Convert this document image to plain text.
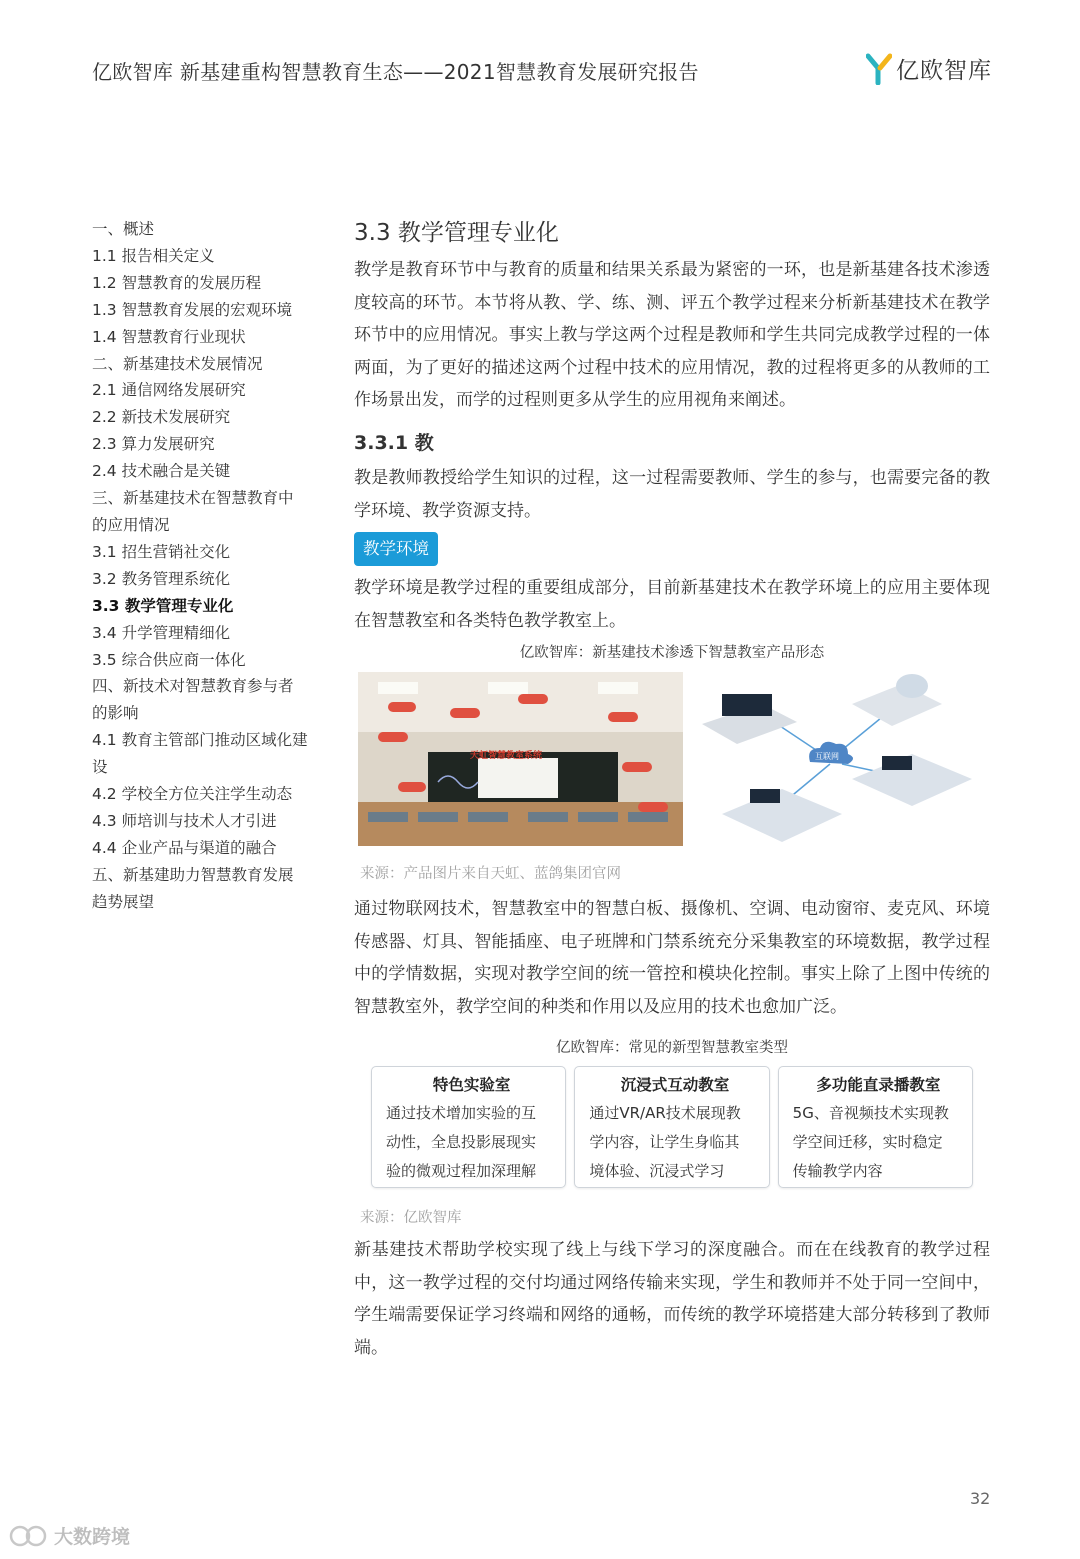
亿欧智库 新基建重构智慧教育生态——2021智慧教育发展研究报告	亿欧智库
一、概述
1.1 报告相关定义
1.2 智慧教育的发展历程
1.3 智慧教育发展的宏观环境
1.4 智慧教育行业现状
二、新基建技术发展情况
2.1 通信网络发展研究
2.2 新技术发展研究
2.3 算力发展研究
2.4 技术融合是关键
三、新基建技术在智慧教育中
的应用情况
3.1 招生营销社交化
3.2 教务管理系统化
3.3 教学管理专业化
3.4 升学管理精细化
3.5 综合供应商一体化
四、新技术对智慧教育参与者
的影响
4.1 教育主管部门推动区域化建
设
4.2 学校全方位关注学生动态
4.3 师培训与技术人才引进
4.4 企业产品与渠道的融合
五、新基建助力智慧教育发展
趋势展望
3.3 教学管理专业化

教学是教育环节中与教育的质量和结果关系最为紧密的一环，也是新基建各技术渗透度较高的环节。本节将从教、学、练、测、评五个教学过程来分析新基建技术在教学环节中的应用情况。事实上教与学这两个过程是教师和学生共同完成教学过程的一体两面，为了更好的描述这两个过程中技术的应用情况，教的过程将更多的从教师的工作场景出发，而学的过程则更多从学生的应用视角来阐述。

3.3.1 教

教是教师教授给学生知识的过程，这一过程需要教师、学生的参与，也需要完备的教学环境、教学资源支持。

教学环境

教学环境是教学过程的重要组成部分，目前新基建技术在教学环境上的应用主要体现在智慧教室和各类特色教学教室上。

亿欧智库：新基建技术渗透下智慧教室产品形态
天虹智慧教室系统	互联网
来源：产品图片来自天虹、蓝鸽集团官网

通过物联网技术，智慧教室中的智慧白板、摄像机、空调、电动窗帘、麦克风、环境传感器、灯具、智能插座、电子班牌和门禁系统充分采集教室的环境数据，教学过程中的学情数据，实现对教学空间的统一管控和模块化控制。事实上除了上图中传统的智慧教室外，教学空间的种类和作用以及应用的技术也愈加广泛。

亿欧智库：常见的新型智慧教室类型
特色实验室
通过技术增加实验的互
动性，全息投影展现实
验的微观过程加深理解
沉浸式互动教室
通过VR/AR技术展现教
学内容，让学生身临其
境体验、沉浸式学习
多功能直录播教室
5G、音视频技术实现教
学空间迁移，实时稳定
传输教学内容
来源：亿欧智库

新基建技术帮助学校实现了线上与线下学习的深度融合。而在在线教育的教学过程中，这一教学过程的交付均通过网络传输来实现，学生和教师并不处于同一空间中，学生端需要保证学习终端和网络的通畅，而传统的教学环境搭建大部分转移到了教师端。

32
大数跨境
